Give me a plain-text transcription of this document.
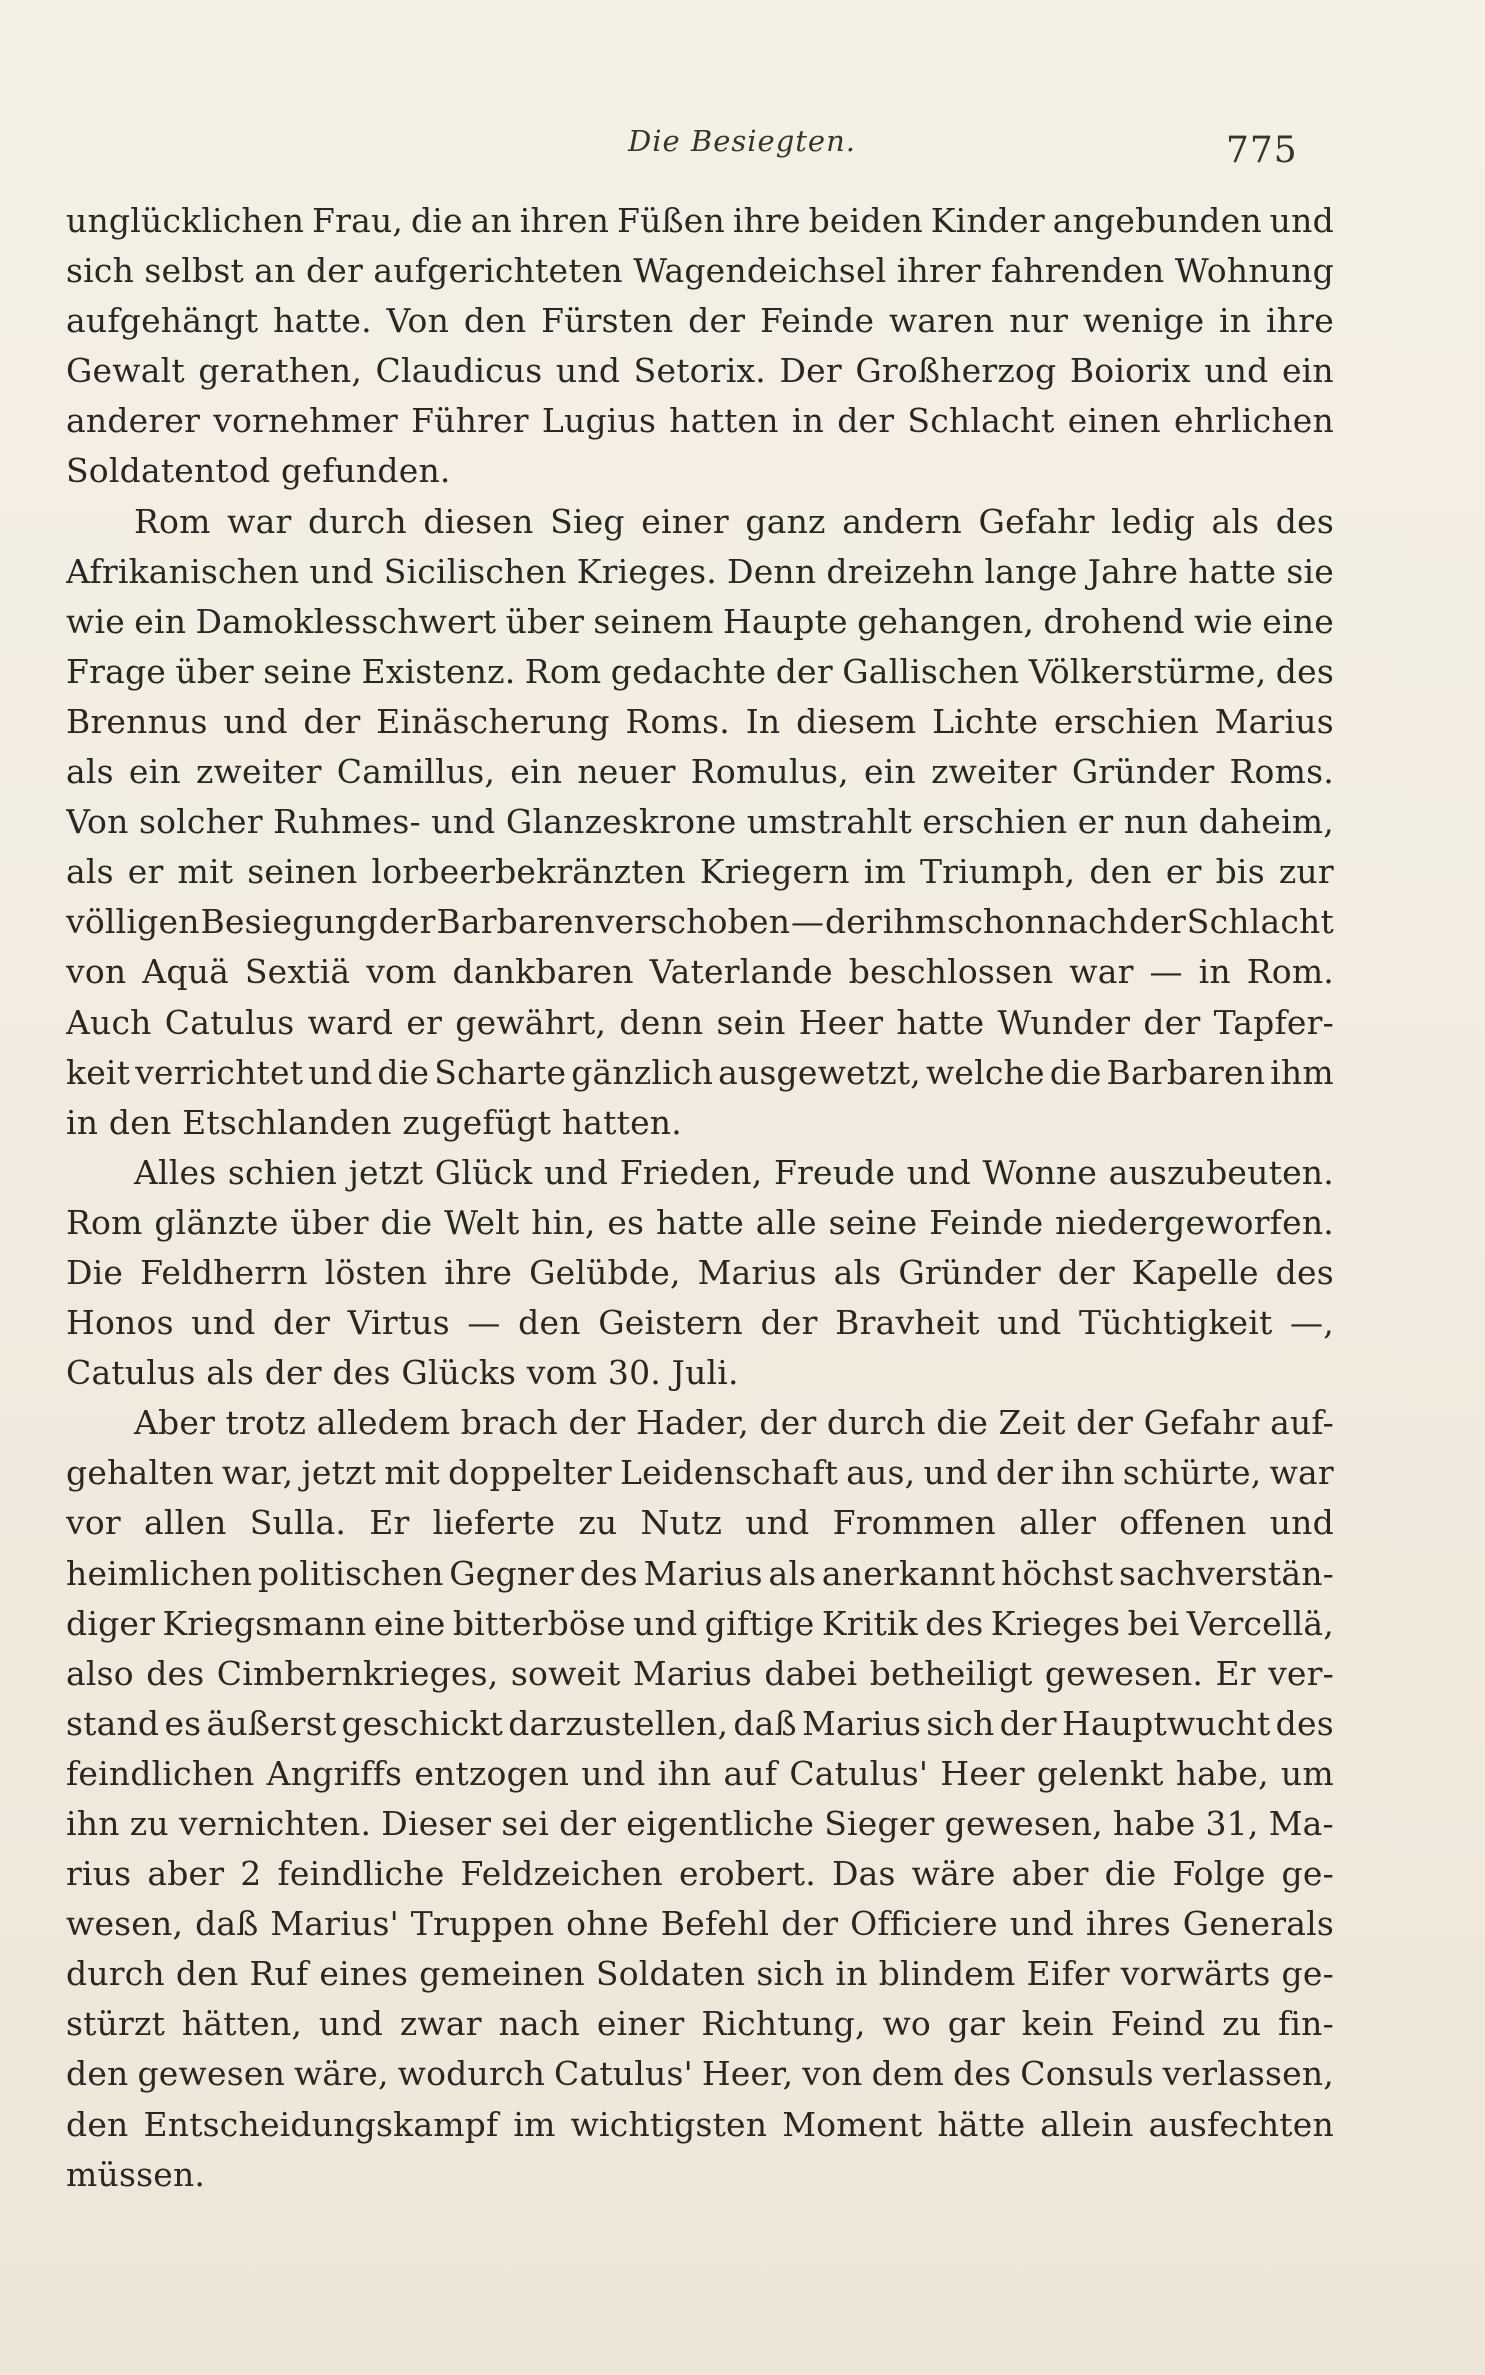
Die Besiegten.	775
unglücklichen Frau, die an ihren Füßen ihre beiden Kinder angebunden und
sich selbst an der aufgerichteten Wagendeichsel ihrer fahrenden Wohnung
aufgehängt hatte. Von den Fürsten der Feinde waren nur wenige in ihre
Gewalt gerathen, Claudicus und Setorix. Der Großherzog Boiorix und ein
anderer vornehmer Führer Lugius hatten in der Schlacht einen ehrlichen
Soldatentod gefunden.
Rom war durch diesen Sieg einer ganz andern Gefahr ledig als des
Afrikanischen und Sicilischen Krieges. Denn dreizehn lange Jahre hatte sie
wie ein Damoklesschwert über seinem Haupte gehangen, drohend wie eine
Frage über seine Existenz. Rom gedachte der Gallischen Völkerstürme, des
Brennus und der Einäscherung Roms. In diesem Lichte erschien Marius
als ein zweiter Camillus, ein neuer Romulus, ein zweiter Gründer Roms.
Von solcher Ruhmes- und Glanzeskrone umstrahlt erschien er nun daheim,
als er mit seinen lorbeerbekränzten Kriegern im Triumph, den er bis zur
völligen Besiegung der Barbaren verschoben — der ihm schon nach der Schlacht
von Aquä Sextiä vom dankbaren Vaterlande beschlossen war — in Rom.
Auch Catulus ward er gewährt, denn sein Heer hatte Wunder der Tapfer-
keit verrichtet und die Scharte gänzlich ausgewetzt, welche die Barbaren ihm
in den Etschlanden zugefügt hatten.
Alles schien jetzt Glück und Frieden, Freude und Wonne auszubeuten.
Rom glänzte über die Welt hin, es hatte alle seine Feinde niedergeworfen.
Die Feldherrn lösten ihre Gelübde, Marius als Gründer der Kapelle des
Honos und der Virtus — den Geistern der Bravheit und Tüchtigkeit —,
Catulus als der des Glücks vom 30. Juli.
Aber trotz alledem brach der Hader, der durch die Zeit der Gefahr auf-
gehalten war, jetzt mit doppelter Leidenschaft aus, und der ihn schürte, war
vor allen Sulla. Er lieferte zu Nutz und Frommen aller offenen und
heimlichen politischen Gegner des Marius als anerkannt höchst sachverstän-
diger Kriegsmann eine bitterböse und giftige Kritik des Krieges bei Vercellä,
also des Cimbernkrieges, soweit Marius dabei betheiligt gewesen. Er ver-
stand es äußerst geschickt darzustellen, daß Marius sich der Hauptwucht des
feindlichen Angriffs entzogen und ihn auf Catulus' Heer gelenkt habe, um
ihn zu vernichten. Dieser sei der eigentliche Sieger gewesen, habe 31, Ma-
rius aber 2 feindliche Feldzeichen erobert. Das wäre aber die Folge ge-
wesen, daß Marius' Truppen ohne Befehl der Officiere und ihres Generals
durch den Ruf eines gemeinen Soldaten sich in blindem Eifer vorwärts ge-
stürzt hätten, und zwar nach einer Richtung, wo gar kein Feind zu fin-
den gewesen wäre, wodurch Catulus' Heer, von dem des Consuls verlassen,
den Entscheidungskampf im wichtigsten Moment hätte allein ausfechten
müssen.
